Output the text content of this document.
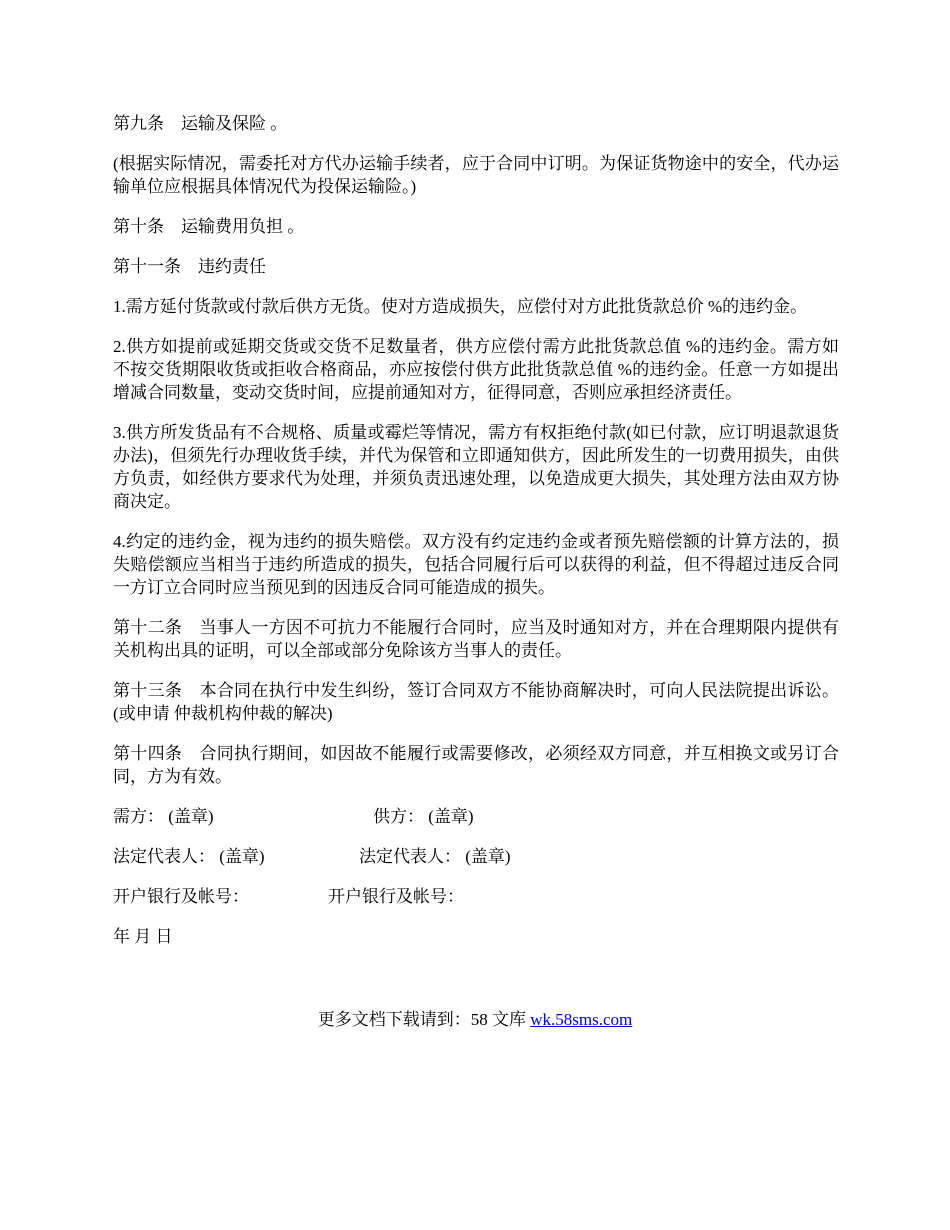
第九条　运输及保险 。

(根据实际情况，需委托对方代办运输手续者，应于合同中订明。为保证货物途中的安全，代办运输单位应根据具体情况代为投保运输险。)

第十条　运输费用负担 。

第十一条　违约责任

1.需方延付货款或付款后供方无货。使对方造成损失，应偿付对方此批货款总价 %的违约金。

2.供方如提前或延期交货或交货不足数量者，供方应偿付需方此批货款总值 %的违约金。需方如不按交货期限收货或拒收合格商品，亦应按偿付供方此批货款总值 %的违约金。任意一方如提出增减合同数量，变动交货时间，应提前通知对方，征得同意，否则应承担经济责任。

3.供方所发货品有不合规格、质量或霉烂等情况，需方有权拒绝付款(如已付款，应订明退款退货办法)，但须先行办理收货手续，并代为保管和立即通知供方，因此所发生的一切费用损失，由供方负责，如经供方要求代为处理，并须负责迅速处理，以免造成更大损失，其处理方法由双方协商决定。

4.约定的违约金，视为违约的损失赔偿。双方没有约定违约金或者预先赔偿额的计算方法的，损失赔偿额应当相当于违约所造成的损失，包括合同履行后可以获得的利益，但不得超过违反合同一方订立合同时应当预见到的因违反合同可能造成的损失。

第十二条　当事人一方因不可抗力不能履行合同时，应当及时通知对方，并在合理期限内提供有关机构出具的证明，可以全部或部分免除该方当事人的责任。

第十三条　本合同在执行中发生纠纷，签订合同双方不能协商解决时，可向人民法院提出诉讼。(或申请 仲裁机构仲裁的解决)

第十四条　合同执行期间，如因故不能履行或需要修改，必须经双方同意，并互相换文或另订合同，方为有效。

需方： (盖章)	供方： (盖章)
法定代表人： (盖章)	法定代表人： (盖章)
开户银行及帐号：	开户银行及帐号：
年 月 日
更多文档下载请到：58 文库 wk.58sms.com
